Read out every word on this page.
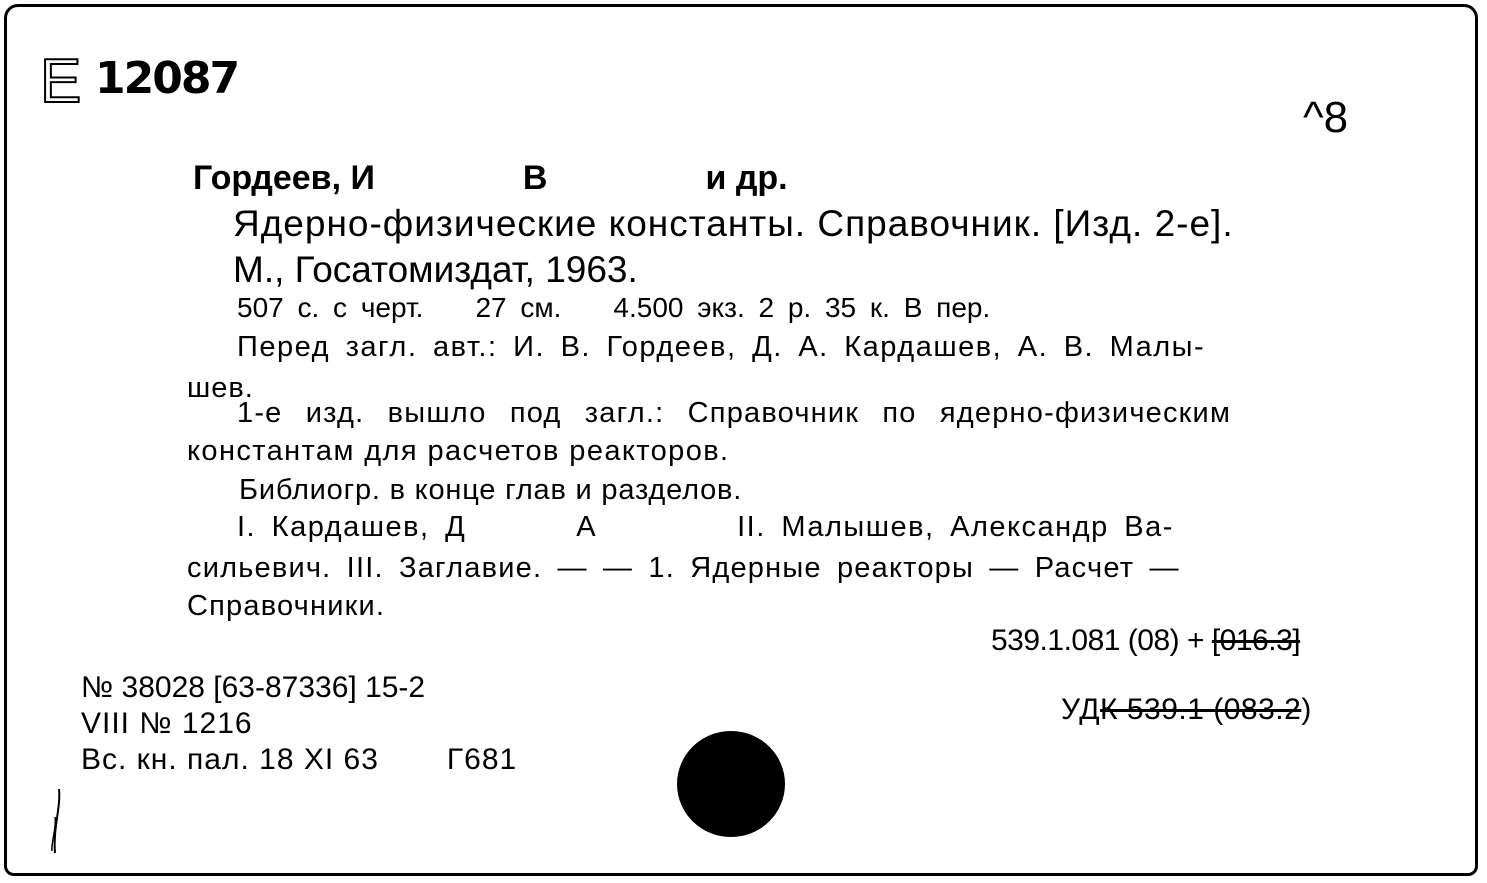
E 12087
^8
Гордеев, И	В	и др.
Ядерно-физические константы. Справочник. [Изд. 2-е].
М., Госатомиздат, 1963.
507 с. с черт. 27 см. 4.500 экз. 2 р. 35 к. В пер.
Перед загл. авт.: И. В. Гордеев, Д. А. Кардашев, А. В. Малы-
шев.
1-е изд. вышло под загл.: Справочник по ядерно-физическим
константам для расчетов реакторов.
Библиогр. в конце глав и разделов.
I. Кардашев, Д	А	II. Малышев, Александр Ва-
сильевич. III. Заглавие. — — 1. Ядерные реакторы — Расчет —
Справочники.
539.1.081 (08) + [016.3]
УДК 539.1 (083.2)
№ 38028 [63-87336] 15-2
VIII № 1216
Вс. кн. пал. 18 XI 63 Г681
